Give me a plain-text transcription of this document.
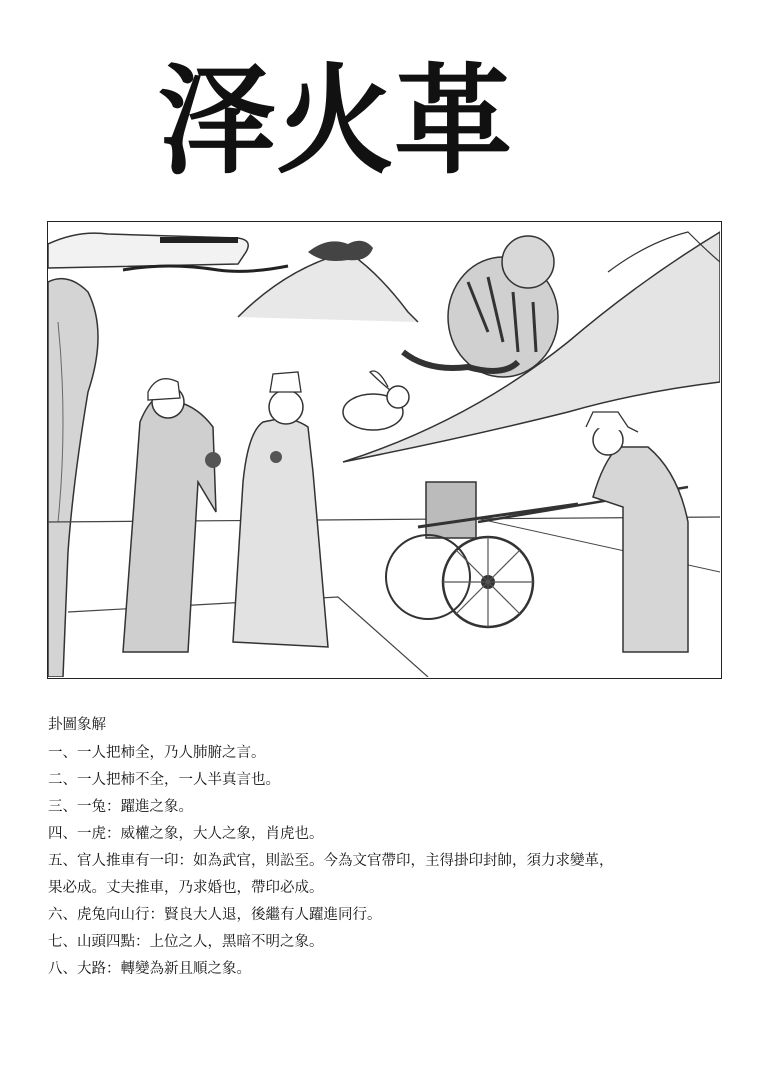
泽火革
卦圖象解
一、一人把柿全，乃人肺腑之言。
二、一人把柿不全，一人半真言也。
三、一兔：躍進之象。
四、一虎：威權之象，大人之象，肖虎也。
五、官人推車有一印：如為武官，則訟至。今為文官帶印，主得掛印封帥，須力求變革，
果必成。丈夫推車，乃求婚也，帶印必成。
六、虎兔向山行：賢良大人退，後繼有人躍進同行。
七、山頭四點：上位之人，黑暗不明之象。
八、大路：轉變為新且順之象。
